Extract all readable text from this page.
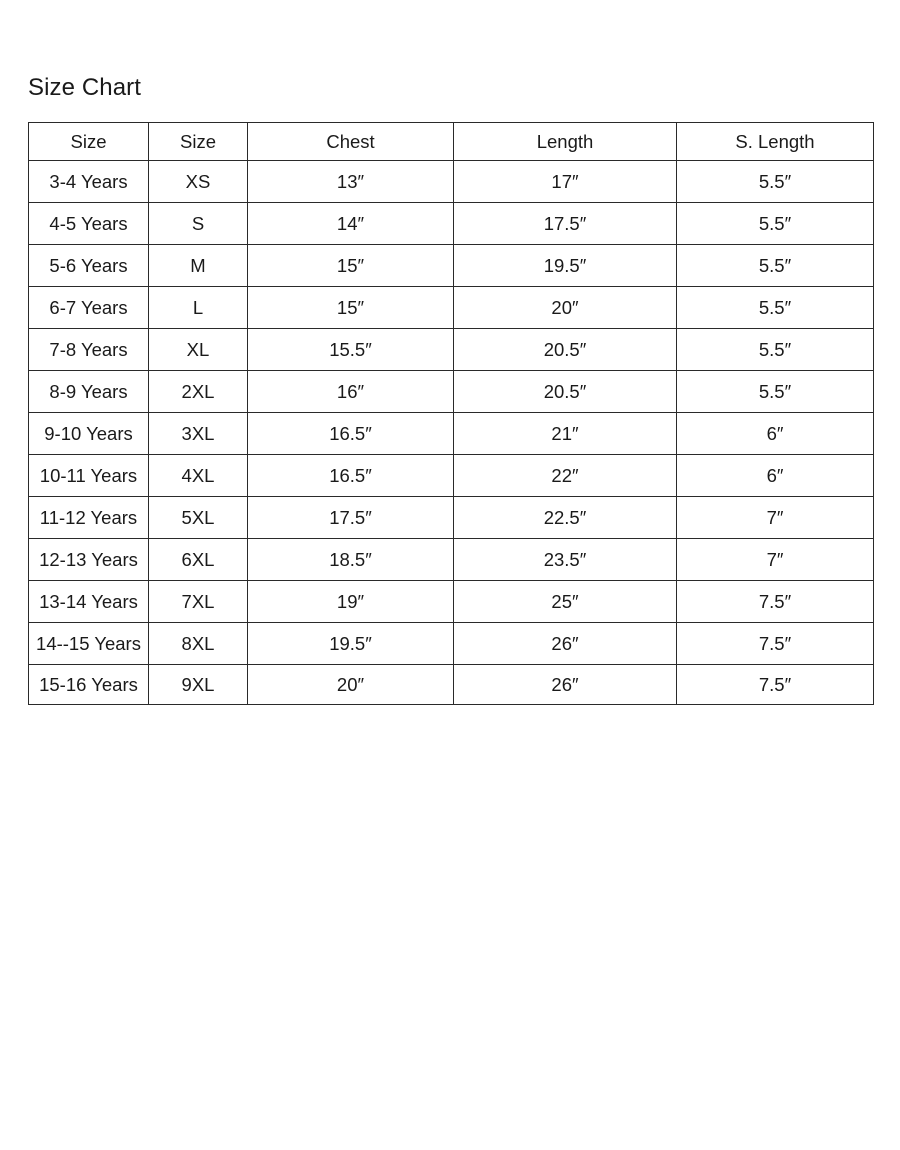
Size Chart
Size	Size	Chest	Length	S. Length
3-4 Years	XS	13″	17″	5.5″
4-5 Years	S	14″	17.5″	5.5″
5-6 Years	M	15″	19.5″	5.5″
6-7 Years	L	15″	20″	5.5″
7-8 Years	XL	15.5″	20.5″	5.5″
8-9 Years	2XL	16″	20.5″	5.5″
9-10 Years	3XL	16.5″	21″	6″
10-11 Years	4XL	16.5″	22″	6″
11-12 Years	5XL	17.5″	22.5″	7″
12-13 Years	6XL	18.5″	23.5″	7″
13-14 Years	7XL	19″	25″	7.5″
14--15 Years	8XL	19.5″	26″	7.5″
15-16 Years	9XL	20″	26″	7.5″
